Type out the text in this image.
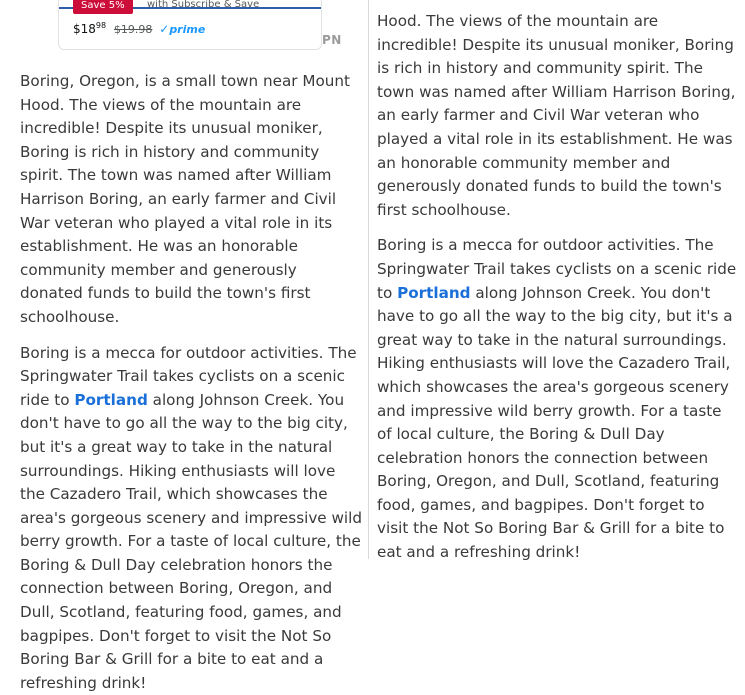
Save 5%	with Subscribe & Save
$\$18^{98}$ $19.98 ✓prime
PN

Boring, Oregon, is a small town near Mount Hood. The views of the mountain are incredible! Despite its unusual moniker, Boring is rich in history and community spirit. The town was named after William Harrison Boring, an early farmer and Civil War veteran who played a vital role in its establishment. He was an honorable community member and generously donated funds to build the town's first schoolhouse.

Boring is a mecca for outdoor activities. The Springwater Trail takes cyclists on a scenic ride to Portland along Johnson Creek. You don't have to go all the way to the big city, but it's a great way to take in the natural surroundings. Hiking enthusiasts will love the Cazadero Trail, which showcases the area's gorgeous scenery and impressive wild berry growth. For a taste of local culture, the Boring & Dull Day celebration honors the connection between Boring, Oregon, and Dull, Scotland, featuring food, games, and bagpipes. Don't forget to visit the Not So Boring Bar & Grill for a bite to eat and a refreshing drink!

Hood. The views of the mountain are incredible! Despite its unusual moniker, Boring is rich in history and community spirit. The town was named after William Harrison Boring, an early farmer and Civil War veteran who played a vital role in its establishment. He was an honorable community member and generously donated funds to build the town's first schoolhouse.

Boring is a mecca for outdoor activities. The Springwater Trail takes cyclists on a scenic ride to Portland along Johnson Creek. You don't have to go all the way to the big city, but it's a great way to take in the natural surroundings. Hiking enthusiasts will love the Cazadero Trail, which showcases the area's gorgeous scenery and impressive wild berry growth. For a taste of local culture, the Boring & Dull Day celebration honors the connection between Boring, Oregon, and Dull, Scotland, featuring food, games, and bagpipes. Don't forget to visit the Not So Boring Bar & Grill for a bite to eat and a refreshing drink!
